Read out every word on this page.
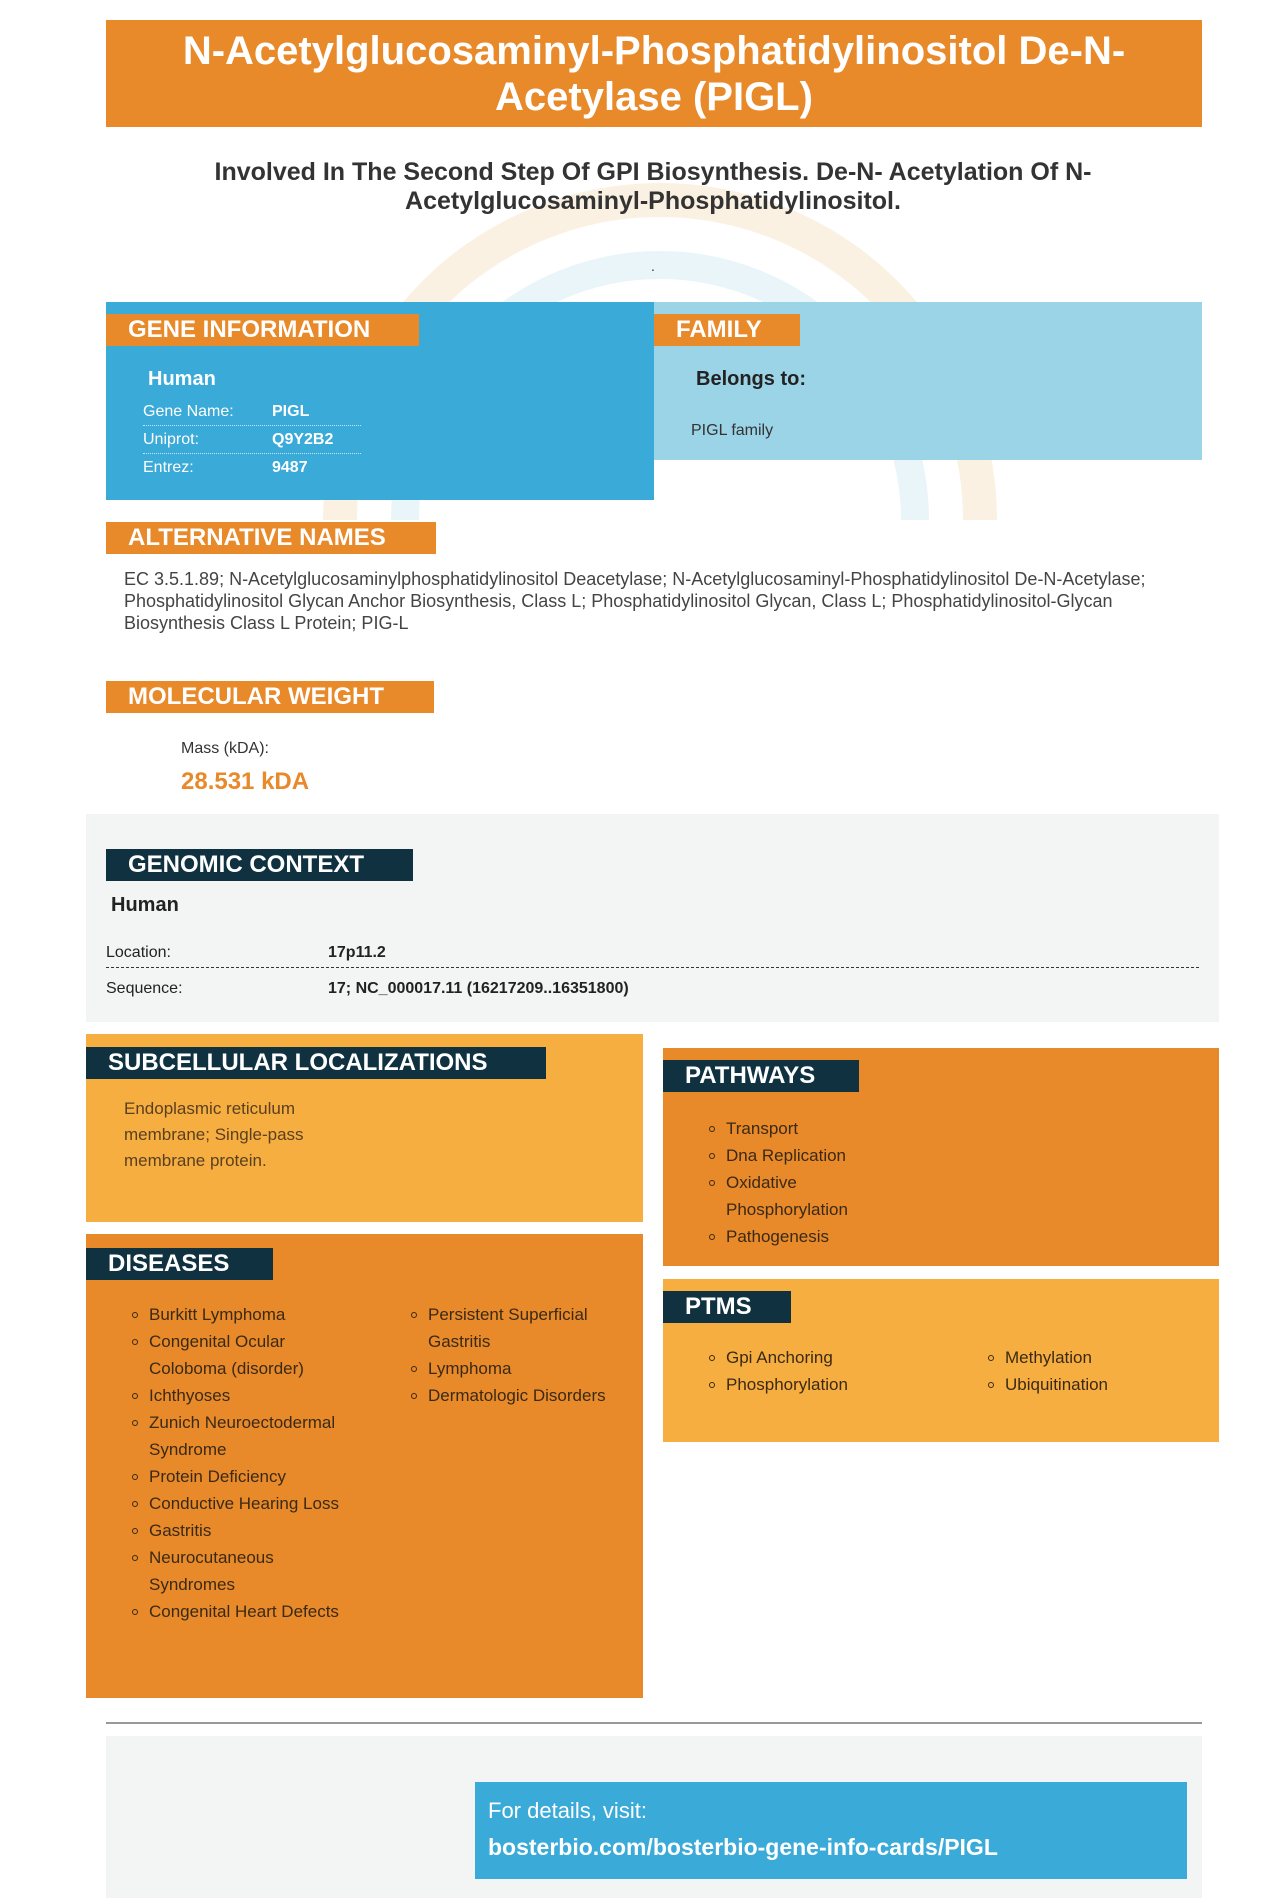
N-Acetylglucosaminyl-Phosphatidylinositol De-N-Acetylase (PIGL)
Involved In The Second Step Of GPI Biosynthesis. De-N- Acetylation Of N-Acetylglucosaminyl-Phosphatidylinositol.
.
GENE INFORMATION
Human
Gene Name: PIGL
Uniprot:	Q9Y2B2
Entrez:	9487
FAMILY
Belongs to:
PIGL family
ALTERNATIVE NAMES
EC 3.5.1.89; N-Acetylglucosaminylphosphatidylinositol Deacetylase; N-Acetylglucosaminyl-Phosphatidylinositol De-N-Acetylase; Phosphatidylinositol Glycan Anchor Biosynthesis, Class L; Phosphatidylinositol Glycan, Class L; Phosphatidylinositol-Glycan Biosynthesis Class L Protein; PIG-L
MOLECULAR WEIGHT
Mass (kDA):
28.531 kDA
GENOMIC CONTEXT
Human
Location:	17p11.2
Sequence:	17; NC_000017.11 (16217209..16351800)
SUBCELLULAR LOCALIZATIONS
Endoplasmic reticulum membrane; Single-pass membrane protein.
DISEASES
Burkitt Lymphoma
Congenital Ocular Coloboma (disorder)
Ichthyoses
Zunich Neuroectodermal Syndrome
Protein Deficiency
Conductive Hearing Loss
Gastritis
Neurocutaneous Syndromes
Congenital Heart Defects
Persistent Superficial Gastritis
Lymphoma
Dermatologic Disorders
PATHWAYS
Transport
Dna Replication
Oxidative Phosphorylation
Pathogenesis
PTMS
Gpi Anchoring
Phosphorylation
Methylation
Ubiquitination
For details, visit:
bosterbio.com/bosterbio-gene-info-cards/PIGL
